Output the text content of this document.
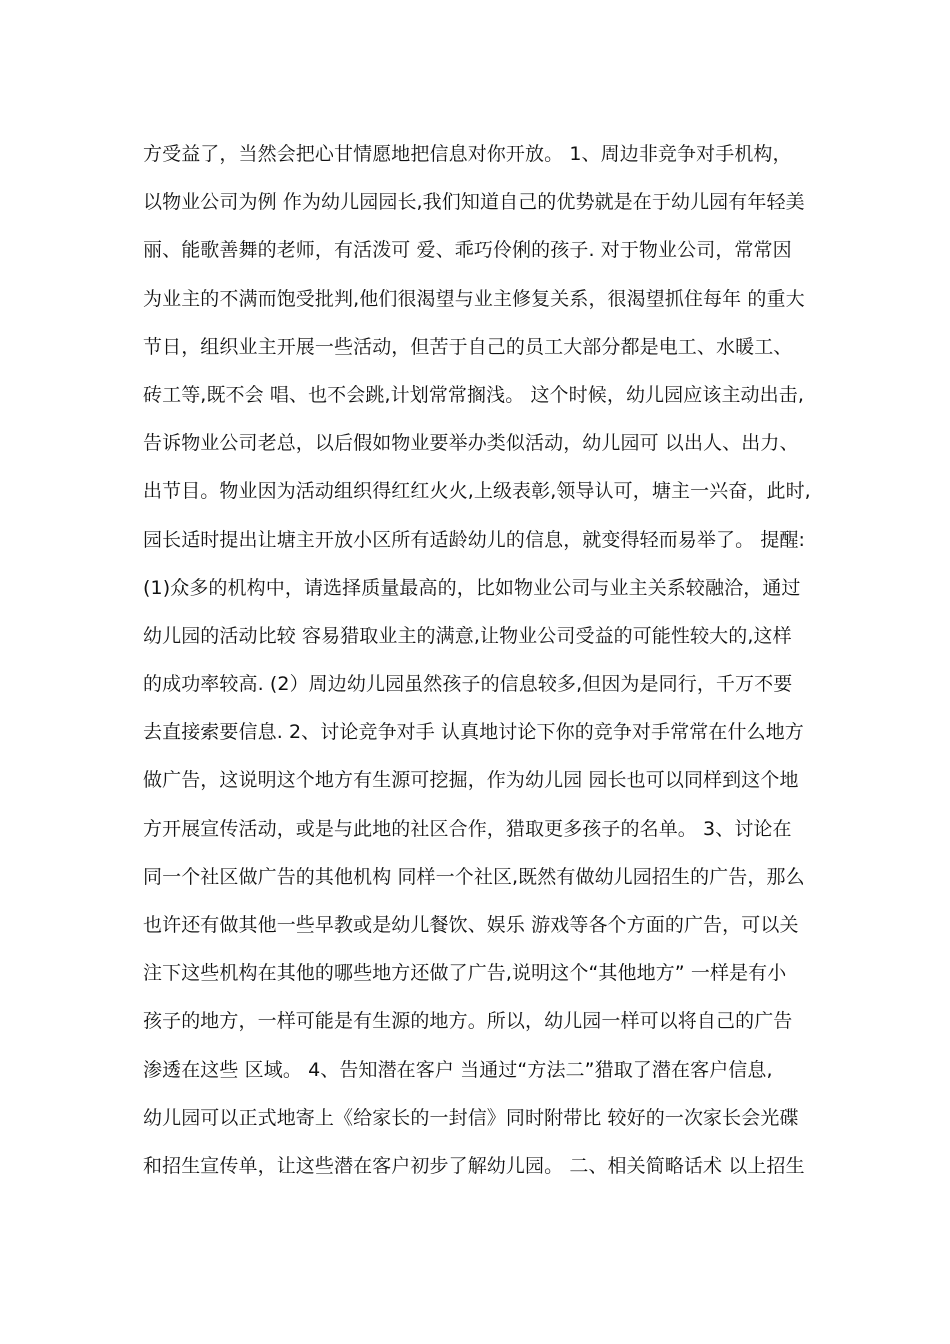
方受益了，当然会把心甘情愿地把信息对你开放。 1、周边非竞争对手机构，
以物业公司为例 作为幼儿园园长,我们知道自己的优势就是在于幼儿园有年轻美
丽、能歌善舞的老师，有活泼可 爱、乖巧伶俐的孩子. 对于物业公司，常常因
为业主的不满而饱受批判,他们很渴望与业主修复关系，很渴望抓住每年 的重大
节日，组织业主开展一些活动，但苦于自己的员工大部分都是电工、水暖工、
砖工等,既不会 唱、也不会跳,计划常常搁浅。 这个时候，幼儿园应该主动出击,
告诉物业公司老总，以后假如物业要举办类似活动，幼儿园可 以出人、出力、
出节目。物业因为活动组织得红红火火,上级表彰,领导认可，塘主一兴奋，此时,
园长适时提出让塘主开放小区所有适龄幼儿的信息，就变得轻而易举了。 提醒:
(1)众多的机构中，请选择质量最高的，比如物业公司与业主关系较融洽，通过
幼儿园的活动比较 容易猎取业主的满意,让物业公司受益的可能性较大的,这样
的成功率较高. (2）周边幼儿园虽然孩子的信息较多,但因为是同行，千万不要
去直接索要信息. 2、讨论竞争对手 认真地讨论下你的竞争对手常常在什么地方
做广告，这说明这个地方有生源可挖掘，作为幼儿园 园长也可以同样到这个地
方开展宣传活动，或是与此地的社区合作，猎取更多孩子的名单。 3、讨论在
同一个社区做广告的其他机构 同样一个社区,既然有做幼儿园招生的广告，那么
也许还有做其他一些早教或是幼儿餐饮、娱乐 游戏等各个方面的广告，可以关
注下这些机构在其他的哪些地方还做了广告,说明这个“其他地方” 一样是有小
孩子的地方，一样可能是有生源的地方。所以，幼儿园一样可以将自己的广告
渗透在这些 区域。 4、告知潜在客户 当通过“方法二”猎取了潜在客户信息,
幼儿园可以正式地寄上《给家长的一封信》同时附带比 较好的一次家长会光碟
和招生宣传单，让这些潜在客户初步了解幼儿园。 二、相关简略话术 以上招生
